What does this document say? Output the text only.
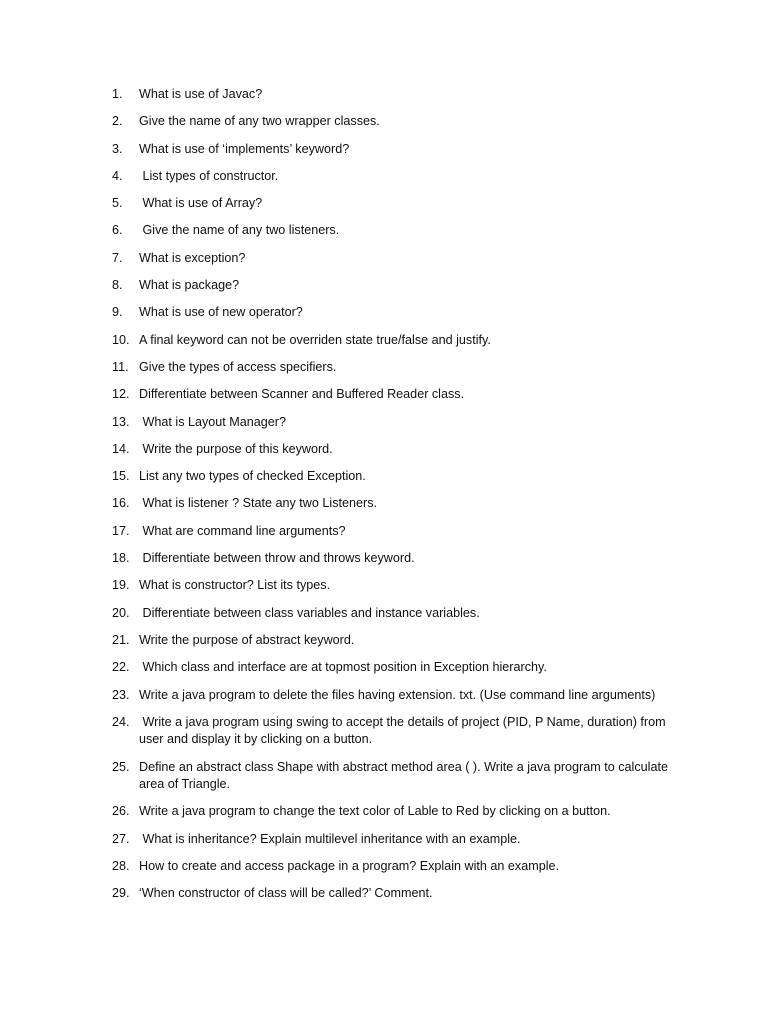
1.	What is use of Javac?
2.	Give the name of any two wrapper classes.
3.	What is use of ‘implements’ keyword?
4.	List types of constructor.
5.	What is use of Array?
6.	Give the name of any two listeners.
7.	What is exception?
8.	What is package?
9.	What is use of new operator?
10. A final keyword can not be overriden state true/false and justify.
11. Give the types of access specifiers.
12. Differentiate between Scanner and Buffered Reader class.
13. What is Layout Manager?
14. Write the purpose of this keyword.
15. List any two types of checked Exception.
16. What is listener ? State any two Listeners.
17. What are command line arguments?
18. Differentiate between throw and throws keyword.
19. What is constructor? List its types.
20. Differentiate between class variables and instance variables.
21. Write the purpose of abstract keyword.
22. Which class and interface are at topmost position in Exception hierarchy.
23. Write a java program to delete the files having extension. txt. (Use command line arguments)
24. Write a java program using swing to accept the details of project (PID, P Name, duration) from user and display it by clicking on a button.
25. Define an abstract class Shape with abstract method area ( ). Write a java program to calculate area of Triangle.
26. Write a java program to change the text color of Lable to Red by clicking on a button.
27. What is inheritance? Explain multilevel inheritance with an example.
28. How to create and access package in a program? Explain with an example.
29. ‘When constructor of class will be called?’ Comment.
